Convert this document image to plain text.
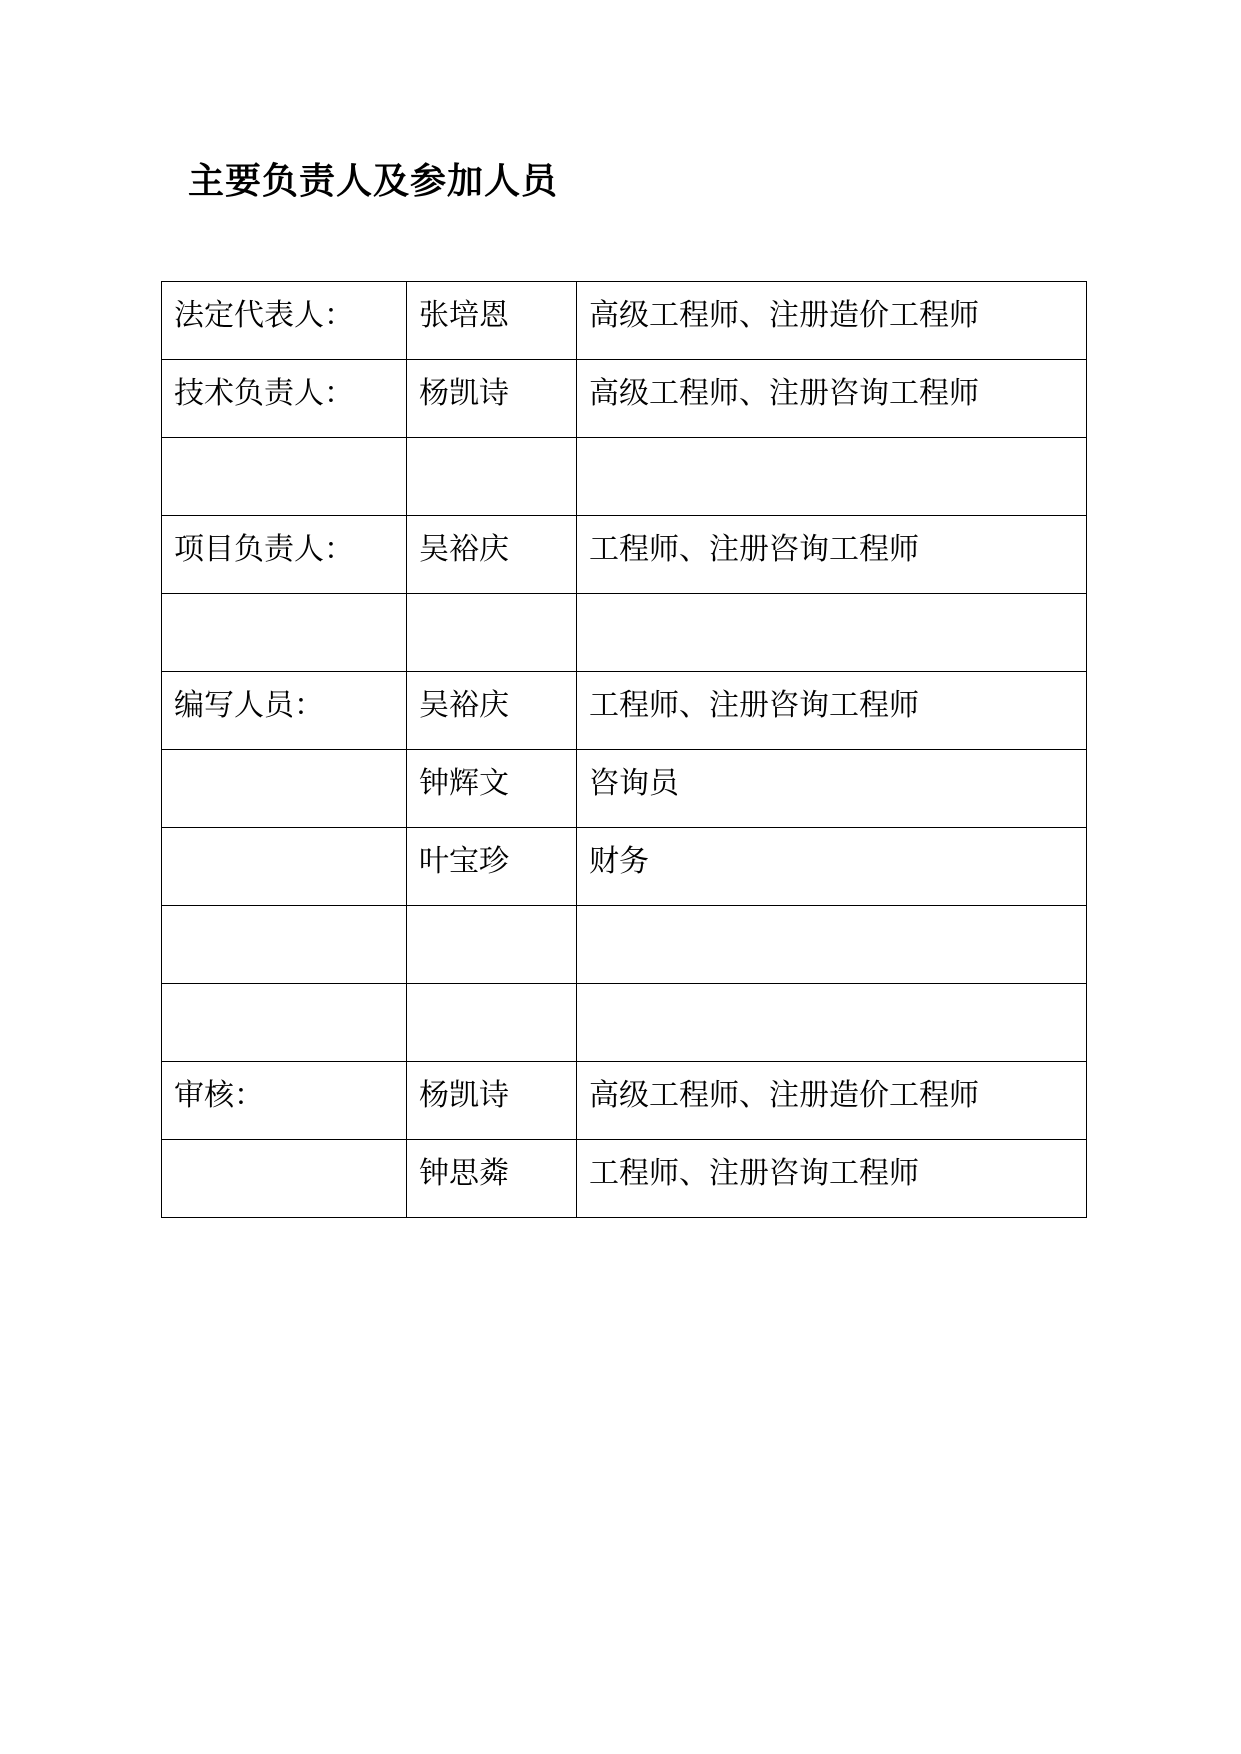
主要负责人及参加人员
法定代表人：	张培恩	高级工程师、注册造价工程师
技术负责人：	杨凯诗	高级工程师、注册咨询工程师

项目负责人：	吴裕庆	工程师、注册咨询工程师

编写人员：	吴裕庆	工程师、注册咨询工程师
	钟辉文	咨询员
	叶宝珍	财务

审核：	杨凯诗	高级工程师、注册造价工程师
	钟思粦	工程师、注册咨询工程师
